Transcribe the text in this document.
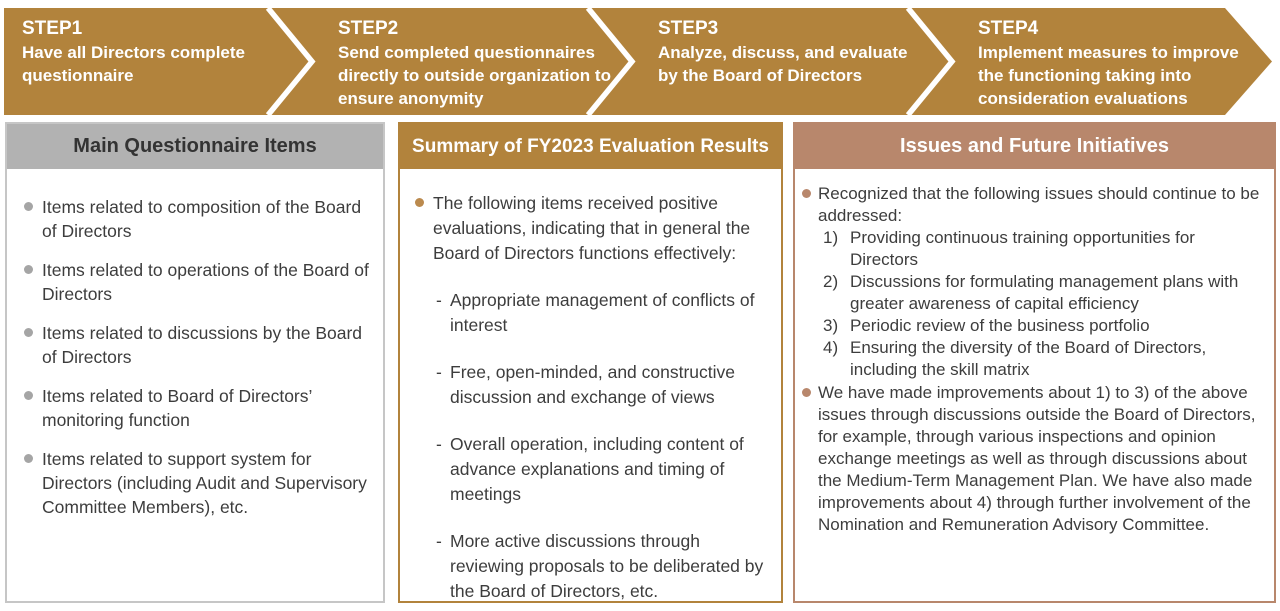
STEP1
Have all Directors complete questionnaire
STEP2
Send completed questionnaires directly to outside organization to ensure anonymity
STEP3
Analyze, discuss, and evaluate by the Board of Directors
STEP4
Implement measures to improve the functioning taking into consideration evaluations
Main Questionnaire Items
Items related to composition of the Board of Directors
Items related to operations of the Board of Directors
Items related to discussions by the Board of Directors
Items related to Board of Directors’ monitoring function
Items related to support system for Directors (including Audit and Supervisory Committee Members), etc.
Summary of FY2023 Evaluation Results
The following items received positive evaluations, indicating that in general the Board of Directors functions effectively:
- Appropriate management of conflicts of interest
- Free, open-minded, and constructive discussion and exchange of views
- Overall operation, including content of advance explanations and timing of meetings
- More active discussions through reviewing proposals to be deliberated by the Board of Directors, etc.
Issues and Future Initiatives
Recognized that the following issues should continue to be addressed:
1) Providing continuous training opportunities for Directors
2) Discussions for formulating management plans with greater awareness of capital efficiency
3) Periodic review of the business portfolio
4) Ensuring the diversity of the Board of Directors, including the skill matrix
We have made improvements about 1) to 3) of the above issues through discussions outside the Board of Directors, for example, through various inspections and opinion exchange meetings as well as through discussions about the Medium-Term Management Plan. We have also made improvements about 4) through further involvement of the Nomination and Remuneration Advisory Committee.
